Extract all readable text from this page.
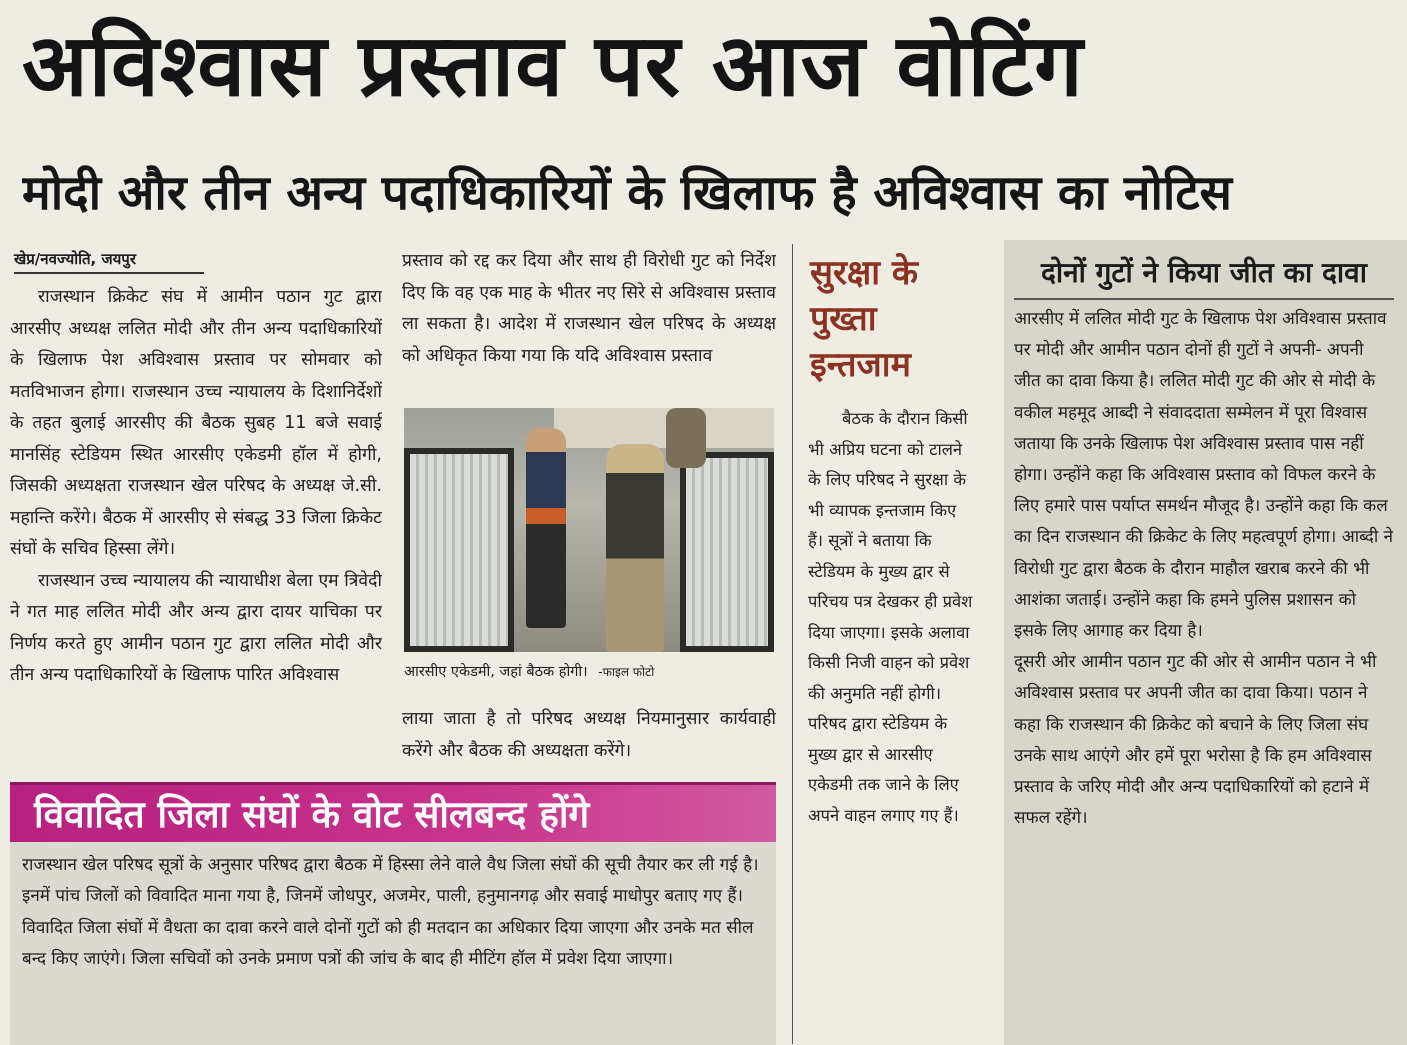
अविश्वास प्रस्ताव पर आज वोटिंग
मोदी और तीन अन्य पदाधिकारियों के खिलाफ है अविश्वास का नोटिस
खेप्र/नवज्योति, जयपुर

राजस्थान क्रिकेट संघ में आमीन पठान गुट द्वारा आरसीए अध्यक्ष ललित मोदी और तीन अन्य पदाधिकारियों के खिलाफ पेश अविश्वास प्रस्ताव पर सोमवार को मतविभाजन होगा। राजस्थान उच्च न्यायालय के दिशानिर्देशों के तहत बुलाई आरसीए की बैठक सुबह 11 बजे सवाई मानसिंह स्टेडियम स्थित आरसीए एकेडमी हॉल में होगी, जिसकी अध्यक्षता राजस्थान खेल परिषद के अध्यक्ष जे.सी. महान्ति करेंगे। बैठक में आरसीए से संबद्ध 33 जिला क्रिकेट संघों के सचिव हिस्सा लेंगे।

राजस्थान उच्च न्यायालय की न्यायाधीश बेला एम त्रिवेदी ने गत माह ललित मोदी और अन्य द्वारा दायर याचिका पर निर्णय करते हुए आमीन पठान गुट द्वारा ललित मोदी और तीन अन्य पदाधिकारियों के खिलाफ पारित अविश्वास

प्रस्ताव को रद्द कर दिया और साथ ही विरोधी गुट को निर्देश दिए कि वह एक माह के भीतर नए सिरे से अविश्वास प्रस्ताव ला सकता है। आदेश में राजस्थान खेल परिषद के अध्यक्ष को अधिकृत किया गया कि यदि अविश्वास प्रस्ताव

आरसीए एकेडमी, जहां बैठक होगी। -फाइल फोटो

लाया जाता है तो परिषद अध्यक्ष नियमानुसार कार्यवाही करेंगे और बैठक की अध्यक्षता करेंगे।

सुरक्षा के पुख्ता इन्तजाम

बैठक के दौरान किसी भी अप्रिय घटना को टालने के लिए परिषद ने सुरक्षा के भी व्यापक इन्तजाम किए हैं। सूत्रों ने बताया कि स्टेडियम के मुख्य द्वार से परिचय पत्र देखकर ही प्रवेश दिया जाएगा। इसके अलावा किसी निजी वाहन को प्रवेश की अनुमति नहीं होगी। परिषद द्वारा स्टेडियम के मुख्य द्वार से आरसीए एकेडमी तक जाने के लिए अपने वाहन लगाए गए हैं।

दोनों गुटों ने किया जीत का दावा

आरसीए में ललित मोदी गुट के खिलाफ पेश अविश्वास प्रस्ताव पर मोदी और आमीन पठान दोनों ही गुटों ने अपनी- अपनी जीत का दावा किया है। ललित मोदी गुट की ओर से मोदी के वकील महमूद आब्दी ने संवाददाता सम्मेलन में पूरा विश्वास जताया कि उनके खिलाफ पेश अविश्वास प्रस्ताव पास नहीं होगा। उन्होंने कहा कि अविश्वास प्रस्ताव को विफल करने के लिए हमारे पास पर्याप्त समर्थन मौजूद है। उन्होंने कहा कि कल का दिन राजस्थान की क्रिकेट के लिए महत्वपूर्ण होगा। आब्दी ने विरोधी गुट द्वारा बैठक के दौरान माहौल खराब करने की भी आशंका जताई। उन्होंने कहा कि हमने पुलिस प्रशासन को इसके लिए आगाह कर दिया है।

दूसरी ओर आमीन पठान गुट की ओर से आमीन पठान ने भी अविश्वास प्रस्ताव पर अपनी जीत का दावा किया। पठान ने कहा कि राजस्थान की क्रिकेट को बचाने के लिए जिला संघ उनके साथ आएंगे और हमें पूरा भरोसा है कि हम अविश्वास प्रस्ताव के जरिए मोदी और अन्य पदाधिकारियों को हटाने में सफल रहेंगे।

विवादित जिला संघों के वोट सीलबन्द होंगे

राजस्थान खेल परिषद सूत्रों के अनुसार परिषद द्वारा बैठक में हिस्सा लेने वाले वैध जिला संघों की सूची तैयार कर ली गई है। इनमें पांच जिलों को विवादित माना गया है, जिनमें जोधपुर, अजमेर, पाली, हनुमानगढ़ और सवाई माधोपुर बताए गए हैं। विवादित जिला संघों में वैधता का दावा करने वाले दोनों गुटों को ही मतदान का अधिकार दिया जाएगा और उनके मत सील बन्द किए जाएंगे। जिला सचिवों को उनके प्रमाण पत्रों की जांच के बाद ही मीटिंग हॉल में प्रवेश दिया जाएगा।
